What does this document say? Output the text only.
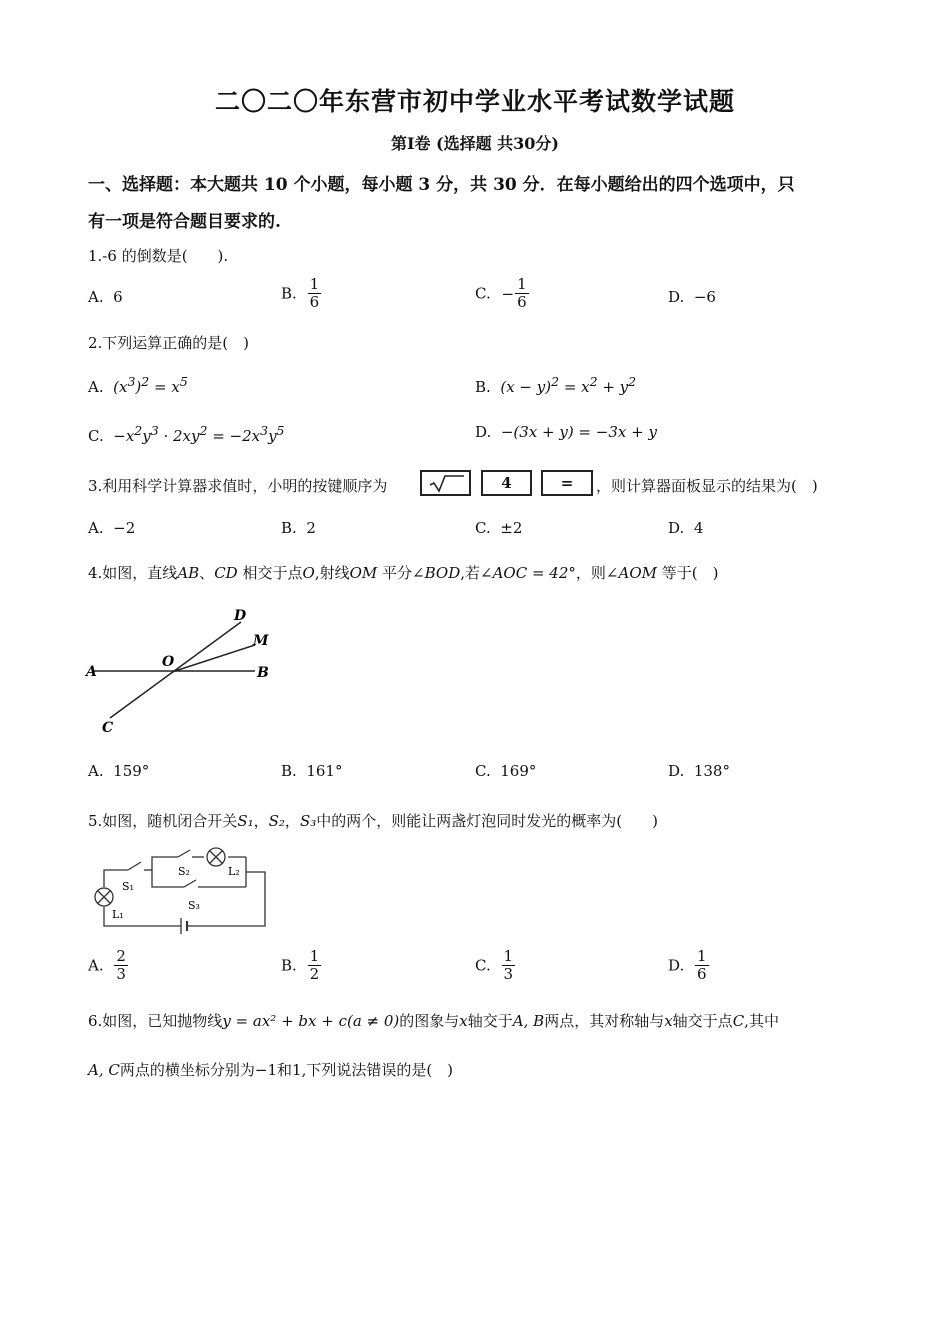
二〇二〇年东营市初中学业水平考试数学试题
第Ⅰ卷 (选择题 共30分)
一、选择题：本大题共 10 个小题，每小题 3 分，共 30 分．在每小题给出的四个选项中，只
有一项是符合题目要求的.
1.-6 的倒数是(　　).
A. 6	B. $\frac{1}{6}$	C. − $\frac{1}{6}$	D. −6
2.下列运算正确的是(　)
A. $(x^3)^2 = x^5$	B. $(x - y)^2 = x^2 + y^2$
C. $-x^2y^3 \cdot 2xy^2 = -2x^3y^5$	D. −(3x + y) = −3x + y
3.利用科学计算器求值时，小明的按键顺序为	4	=	，则计算器面板显示的结果为(　)
A. −2	B. 2	C. ±2	D. 4
4.如图，直线AB、CD 相交于点O,射线OM 平分∠BOD,若∠AOC = 42°，则∠AOM 等于(　)
A	B
C
D
M
O
A. 159°	B. 161°	C. 169°	D. 138°
5.如图，随机闭合开关S₁，S₂，S₃中的两个，则能让两盏灯泡同时发光的概率为(　　)
S₁
S₂
S₃
L₁
L₂
A. $\frac{2}{3}$	B. $\frac{1}{2}$	C. $\frac{1}{3}$	D. $\frac{1}{6}$
6.如图，已知抛物线y = ax² + bx + c(a ≠ 0)的图象与x轴交于A, B两点，其对称轴与x轴交于点C,其中
A, C两点的横坐标分别为−1和1,下列说法错误的是(　)
